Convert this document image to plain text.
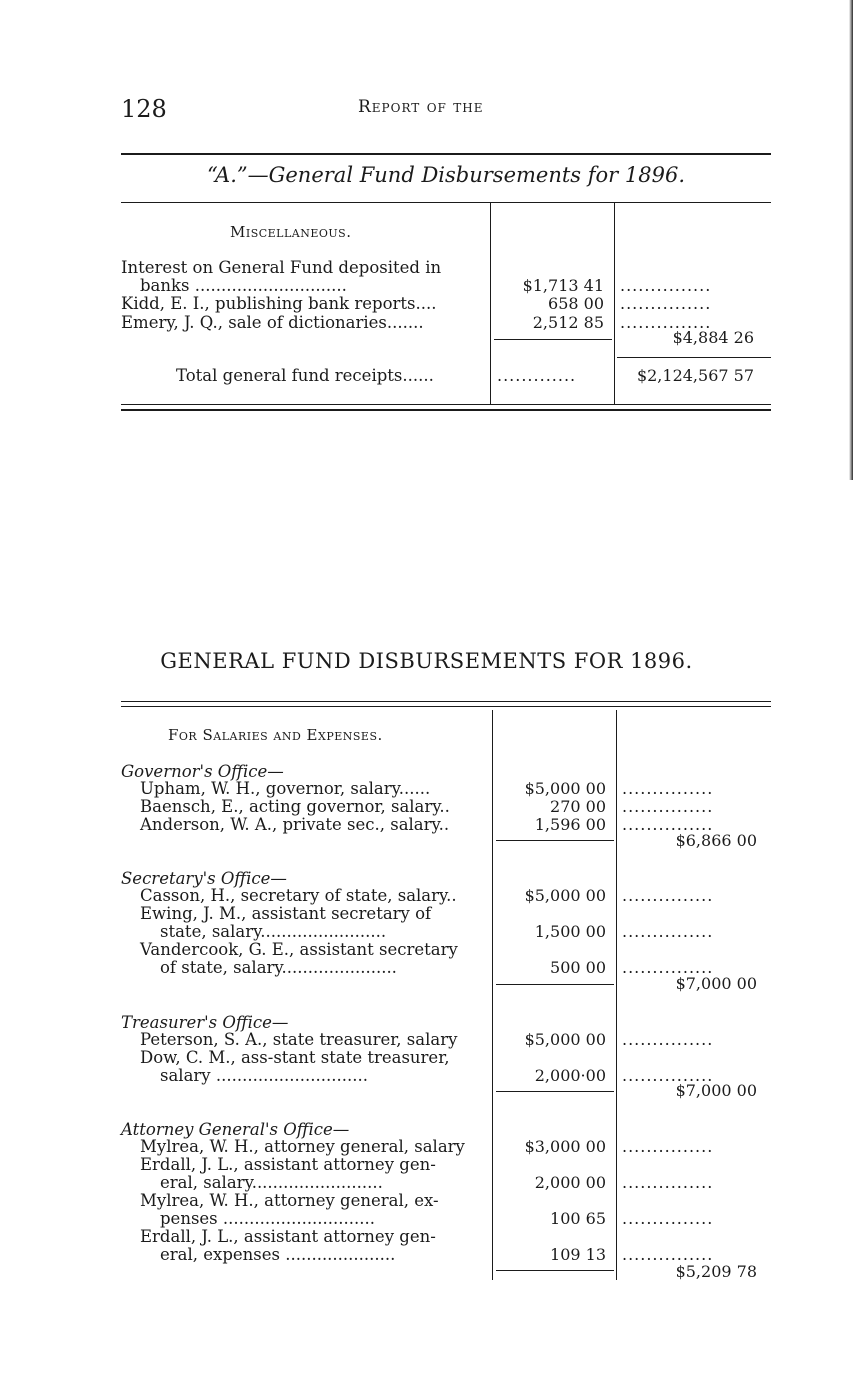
128	Report of the
“A.”—General Fund Disbursements for 1896.
Miscellaneous.
Interest on General Fund deposited in
banks .............................	$1,713 41 ...............
Kidd, E. I., publishing bank reports....	658 00 ...............
Emery, J. Q., sale of dictionaries.......	2,512 85 ...............
$4,884 26
Total general fund receipts......	.............	$2,124,567 57
GENERAL FUND DISBURSEMENTS FOR 1896.
For Salaries and Expenses.
Governor's Office—
Upham, W. H., governor, salary......	$5,000 00 ...............
Baensch, E., acting governor, salary..	270 00 ...............
Anderson, W. A., private sec., salary..	1,596 00 ...............
$6,866 00
Secretary's Office—
Casson, H., secretary of state, salary..	$5,000 00 ...............
Ewing, J. M., assistant secretary of
state, salary........................	1,500 00 ...............
Vandercook, G. E., assistant secretary
of state, salary......................	500 00 ...............
$7,000 00
Treasurer's Office—
Peterson, S. A., state treasurer, salary	$5,000 00 ...............
Dow, C. M., ass-stant state treasurer,
salary .............................	2,000·00 ...............
$7,000 00
Attorney General's Office—
Mylrea, W. H., attorney general, salary	$3,000 00 ...............
Erdall, J. L., assistant attorney gen-
eral, salary.........................	2,000 00 ...............
Mylrea, W. H., attorney general, ex-
penses .............................	100 65 ...............
Erdall, J. L., assistant attorney gen-
eral, expenses .....................	109 13 ...............
$5,209 78
